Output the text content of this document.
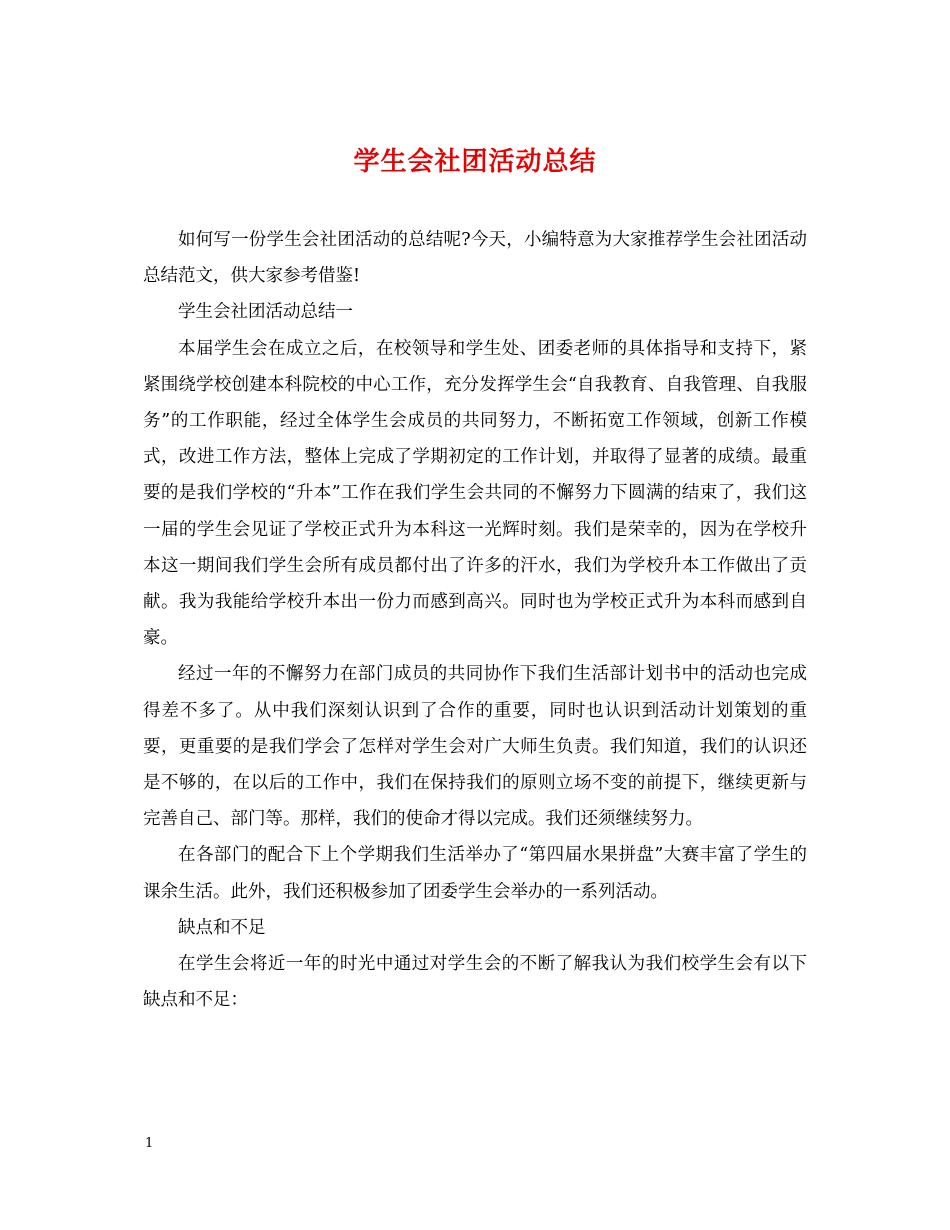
学生会社团活动总结

如何写一份学生会社团活动的总结呢?今天，小编特意为大家推荐学生会社团活动总结范文，供大家参考借鉴!

学生会社团活动总结一

本届学生会在成立之后，在校领导和学生处、团委老师的具体指导和支持下，紧紧围绕学校创建本科院校的中心工作，充分发挥学生会“自我教育、自我管理、自我服务”的工作职能，经过全体学生会成员的共同努力，不断拓宽工作领域，创新工作模式，改进工作方法，整体上完成了学期初定的工作计划，并取得了显著的成绩。最重要的是我们学校的“升本”工作在我们学生会共同的不懈努力下圆满的结束了，我们这一届的学生会见证了学校正式升为本科这一光辉时刻。我们是荣幸的，因为在学校升本这一期间我们学生会所有成员都付出了许多的汗水，我们为学校升本工作做出了贡献。我为我能给学校升本出一份力而感到高兴。同时也为学校正式升为本科而感到自豪。

经过一年的不懈努力在部门成员的共同协作下我们生活部计划书中的活动也完成得差不多了。从中我们深刻认识到了合作的重要，同时也认识到活动计划策划的重要，更重要的是我们学会了怎样对学生会对广大师生负责。我们知道，我们的认识还是不够的，在以后的工作中，我们在保持我们的原则立场不变的前提下，继续更新与完善自己、部门等。那样，我们的使命才得以完成。我们还须继续努力。

在各部门的配合下上个学期我们生活举办了“第四届水果拼盘”大赛丰富了学生的课余生活。此外，我们还积极参加了团委学生会举办的一系列活动。

缺点和不足

在学生会将近一年的时光中通过对学生会的不断了解我认为我们校学生会有以下缺点和不足：

1
